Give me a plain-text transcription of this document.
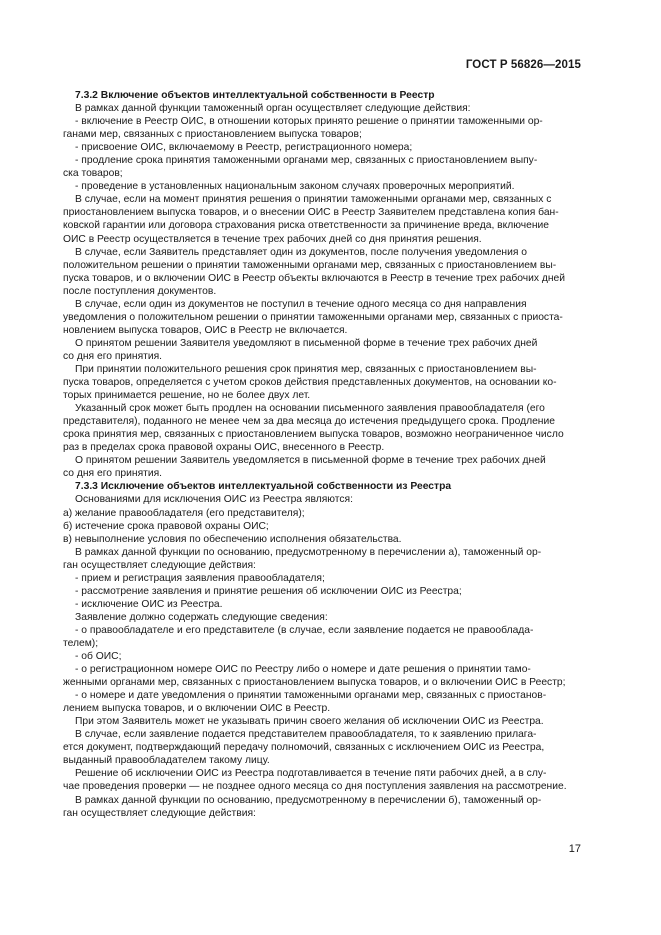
ГОСТ Р 56826—2015

7.3.2 Включение объектов интеллектуальной собственности в Реестр

В рамках данной функции таможенный орган осуществляет следующие действия:
- включение в Реестр ОИС, в отношении которых принято решение о принятии таможенными ор-
ганами мер, связанных с приостановлением выпуска товаров;
- присвоение ОИС, включаемому в Реестр, регистрационного номера;
- продление срока принятия таможенными органами мер, связанных с приостановлением выпу-
ска товаров;
- проведение в установленных национальным законом случаях проверочных мероприятий.
В случае, если на момент принятия решения о принятии таможенными органами мер, связанных с
приостановлением выпуска товаров, и о внесении ОИС в Реестр Заявителем представлена копия бан-
ковской гарантии или договора страхования риска ответственности за причинение вреда, включение
ОИС в Реестр осуществляется в течение трех рабочих дней со дня принятия решения.
В случае, если Заявитель представляет один из документов, после получения уведомления о
положительном решении о принятии таможенными органами мер, связанных с приостановлением вы-
пуска товаров, и о включении ОИС в Реестр объекты включаются в Реестр в течение трех рабочих дней
после поступления документов.
В случае, если один из документов не поступил в течение одного месяца со дня направления
уведомления о положительном решении о принятии таможенными органами мер, связанных с приоста-
новлением выпуска товаров, ОИС в Реестр не включается.
О принятом решении Заявителя уведомляют в письменной форме в течение трех рабочих дней
со дня его принятия.
При принятии положительного решения срок принятия мер, связанных с приостановлением вы-
пуска товаров, определяется с учетом сроков действия представленных документов, на основании ко-
торых принимается решение, но не более двух лет.
Указанный срок может быть продлен на основании письменного заявления правообладателя (его
представителя), поданного не менее чем за два месяца до истечения предыдущего срока. Продление
срока принятия мер, связанных с приостановлением выпуска товаров, возможно неограниченное число
раз в пределах срока правовой охраны ОИС, внесенного в Реестр.
О принятом решении Заявитель уведомляется в письменной форме в течение трех рабочих дней
со дня его принятия.

7.3.3 Исключение объектов интеллектуальной собственности из Реестра

Основаниями для исключения ОИС из Реестра являются:
а) желание правообладателя (его представителя);
б) истечение срока правовой охраны ОИС;
в) невыполнение условия по обеспечению исполнения обязательства.
В рамках данной функции по основанию, предусмотренному в перечислении а), таможенный ор-
ган осуществляет следующие действия:
- прием и регистрация заявления правообладателя;
- рассмотрение заявления и принятие решения об исключении ОИС из Реестра;
- исключение ОИС из Реестра.
Заявление должно содержать следующие сведения:
- о правообладателе и его представителе (в случае, если заявление подается не правооблада-
телем);
- об ОИС;
- о регистрационном номере ОИС по Реестру либо о номере и дате решения о принятии тамо-
женными органами мер, связанных с приостановлением выпуска товаров, и о включении ОИС в Реестр;
- о номере и дате уведомления о принятии таможенными органами мер, связанных с приостанов-
лением выпуска товаров, и о включении ОИС в Реестр.
При этом Заявитель может не указывать причин своего желания об исключении ОИС из Реестра.
В случае, если заявление подается представителем правообладателя, то к заявлению прилага-
ется документ, подтверждающий передачу полномочий, связанных с исключением ОИС из Реестра,
выданный правообладателем такому лицу.
Решение об исключении ОИС из Реестра подготавливается в течение пяти рабочих дней, а в слу-
чае проведения проверки — не позднее одного месяца со дня поступления заявления на рассмотрение.
В рамках данной функции по основанию, предусмотренному в перечислении б), таможенный ор-
ган осуществляет следующие действия:
17
